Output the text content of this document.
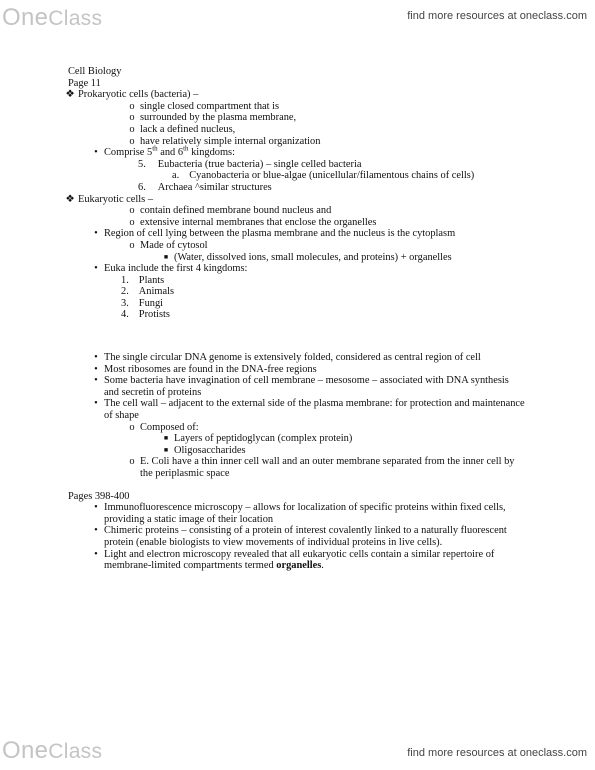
OneClass	find more resources at oneclass.com
Cell Biology
Page 11
❖ Prokaryotic cells (bacteria) –
o single closed compartment that is
o surrounded by the plasma membrane,
o lack a defined nucleus,
o have relatively simple internal organization
• Comprise 5th and 6th kingdoms:
5. Eubacteria (true bacteria) – single celled bacteria
a. Cyanobacteria or blue-algae (unicellular/filamentous chains of cells)
6. Archaea ^similar structures
❖ Eukaryotic cells –
o contain defined membrane bound nucleus and
o extensive internal membranes that enclose the organelles
• Region of cell lying between the plasma membrane and the nucleus is the cytoplasm
o Made of cytosol
■ (Water, dissolved ions, small molecules, and proteins) + organelles
• Euka include the first 4 kingdoms:
1. Plants
2. Animals
3. Fungi
4. Protists
• The single circular DNA genome is extensively folded, considered as central region of cell
• Most ribosomes are found in the DNA-free regions
• Some bacteria have invagination of cell membrane – mesosome – associated with DNA synthesis and secretin of proteins
• The cell wall – adjacent to the external side of the plasma membrane: for protection and maintenance of shape
o Composed of:
■ Layers of peptidoglycan (complex protein)
■ Oligosaccharides
o E. Coli have a thin inner cell wall and an outer membrane separated from the inner cell by the periplasmic space
Pages 398-400
• Immunofluorescence microscopy – allows for localization of specific proteins within fixed cells, providing a static image of their location
• Chimeric proteins – consisting of a protein of interest covalently linked to a naturally fluorescent protein (enable biologists to view movements of individual proteins in live cells).
• Light and electron microscopy revealed that all eukaryotic cells contain a similar repertoire of membrane-limited compartments termed organelles.
OneClass	find more resources at oneclass.com
